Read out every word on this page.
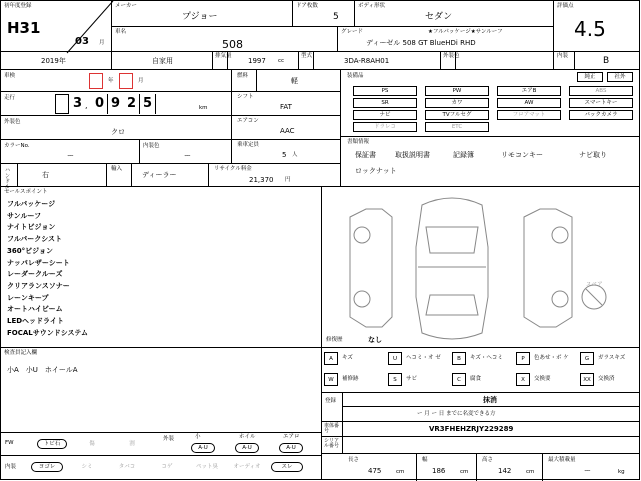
初年度登録
H31
03 月
メーカー
プジョー
ドア枚数
5
ボディ形状
セダン
評価点
4.5
車名
508
グレード	★フルパッケージ★サンルーフ
ディーゼル 508 GT BlueHDi RHD
2019年	自家用
排気量
1997 cc
型式
3DA-R8AH01
外装色	内装	B
車検
年	月
燃料
軽
走行	3 , 0 9 2 5	km
シフト
FAT
外装色
クロ
エアコン
AAC
カラーNo.
ー
内装色
ー
乗車定員
5 人
ハンドル	右
輸入
ディーラー
リサイクル料金
21,370 円
装備品	純正	社外
PS	PW	エアB	ABS
SR	カワ	AW	スマートキー
ナビ	TVフルセグ	フロアマット	バックカメラ
ドラレコ	ETC
書類情報
保証書	取扱説明書	記録簿	リモコンキー	ナビ取り
ロックナット
セールスポイント
フルパッケージ
サンルーフ
ナイトビジョン
フルパークシスト
360°ビジョン
ナッパレザーシート
レーダークルーズ
クリアランスソナー
レーンキープ
オートハイビーム
LEDヘッドライト
FOCALサウンドシステム
スペア
修復歴	なし
検査員記入欄
小A　小U　ホイールA
A	キズ	U	ヘコミ・オ ゼ	B	キズ・ヘコミ	P	色あせ・ボ ケ	G	ガラスキズ
W	補修跡	S	サビ	C	腐食	X	交換要	XX	交換済
登録	抹消
ー 月 ー 日 までに名変できる方
車体番号	VR3FHEHZRJY229289
シリアル番号
FW	トビ石	傷	割
外装	小
A·U
ホイル
A·U
エアロ
A·U
内装	ヨゴレ	シミ	タバコ	コゲ	ペット臭	オーディオ	スレ
長さ
475	cm
幅
186	cm
高さ
142	cm
最大積載量
ー	kg
